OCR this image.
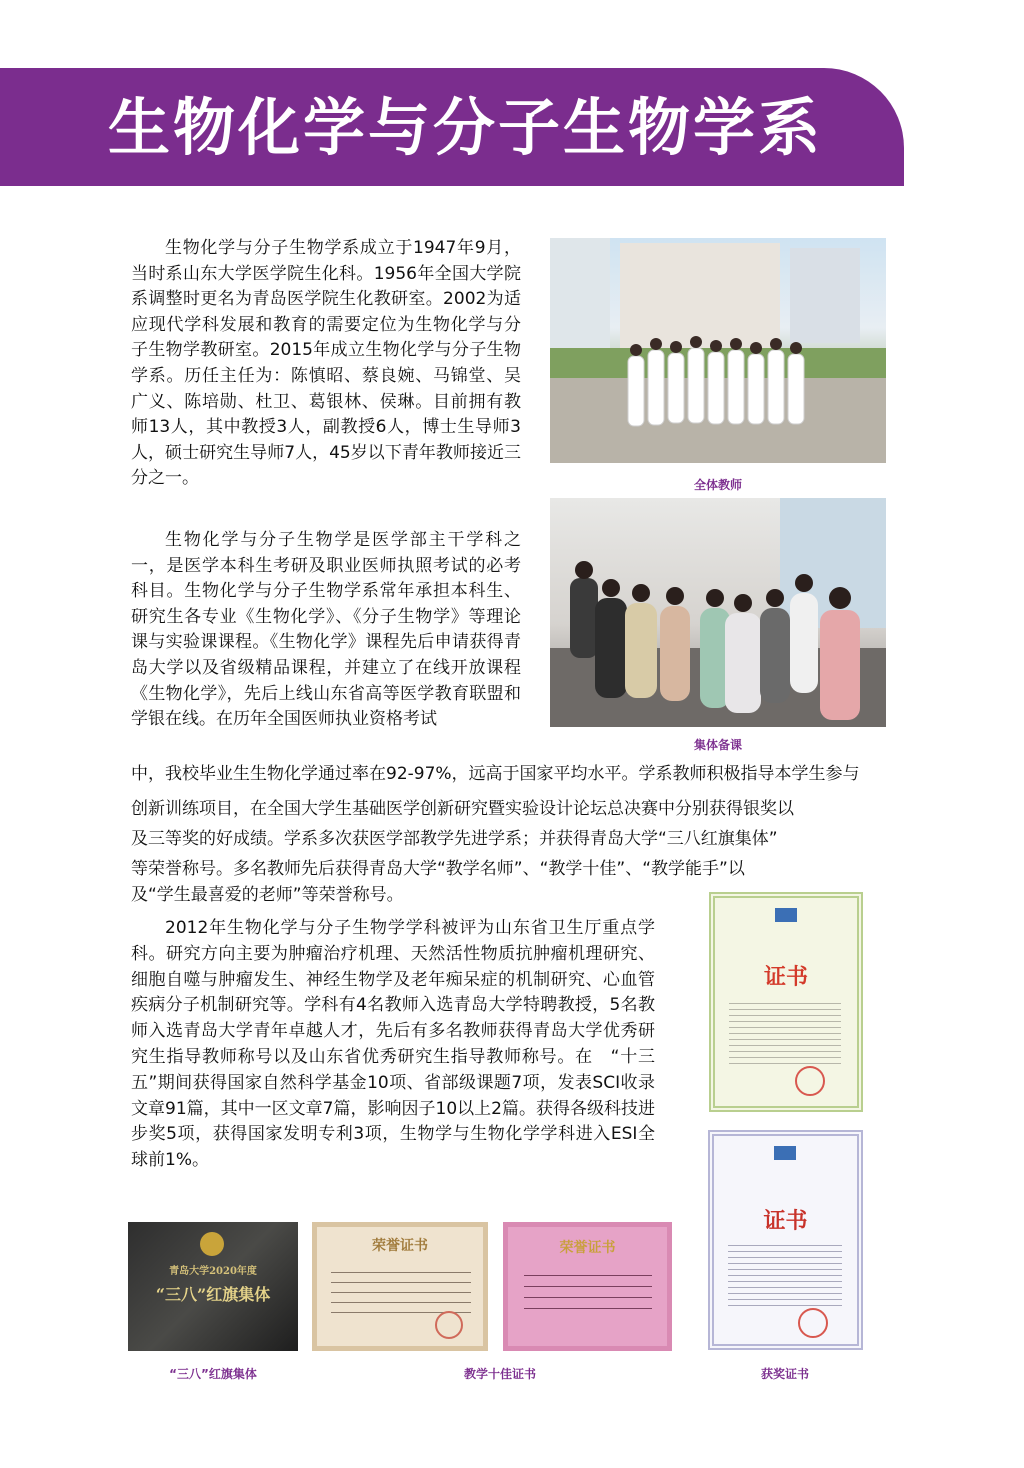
生物化学与分子生物学系

生物化学与分子生物学系成立于1947年9月，当时系山东大学医学院生化科。1956年全国大学院系调整时更名为青岛医学院生化教研室。2002为适应现代学科发展和教育的需要定位为生物化学与分子生物学教研室。2015年成立生物化学与分子生物学系。历任主任为：陈慎昭、蔡良婉、马锦堂、吴广义、陈培勋、杜卫、葛银林、侯琳。目前拥有教师13人，其中教授3人，副教授6人，博士生导师3人，硕士研究生导师7人，45岁以下青年教师接近三分之一。

生物化学与分子生物学是医学部主干学科之一，是医学本科生考研及职业医师执照考试的必考科目。生物化学与分子生物学系常年承担本科生、研究生各专业《生物化学》、《分子生物学》等理论课与实验课课程。《生物化学》课程先后申请获得青岛大学以及省级精品课程，并建立了在线开放课程《生物化学》，先后上线山东省高等医学教育联盟和学银在线。在历年全国医师执业资格考试

中，我校毕业生生物化学通过率在92-97%，远高于国家平均水平。学系教师积极指导本学生参与

创新训练项目，在全国大学生基础医学创新研究暨实验设计论坛总决赛中分别获得银奖以

及三等奖的好成绩。学系多次获医学部教学先进学系；并获得青岛大学“三八红旗集体”

等荣誉称号。多名教师先后获得青岛大学“教学名师”、“教学十佳”、“教学能手”以

及“学生最喜爱的老师”等荣誉称号。

2012年生物化学与分子生物学学科被评为山东省卫生厅重点学科。研究方向主要为肿瘤治疗机理、天然活性物质抗肿瘤机理研究、细胞自噬与肿瘤发生、神经生物学及老年痴呆症的机制研究、心血管疾病分子机制研究等。学科有4名教师入选青岛大学特聘教授，5名教师入选青岛大学青年卓越人才，先后有多名教师获得青岛大学优秀研究生指导教师称号以及山东省优秀研究生指导教师称号。在　“十三五”期间获得国家自然科学基金10项、省部级课题7项，发表SCI收录文章91篇，其中一区文章7篇，影响因子10以上2篇。获得各级科技进步奖5项，获得国家发明专利3项，生物学与生物化学学科进入ESI全球前1%。

全体教师
集体备课
证书
证书
青岛大学2020年度
“三八”红旗集体
“三八”红旗集体
荣誉证书	荣誉证书
教学十佳证书	获奖证书
